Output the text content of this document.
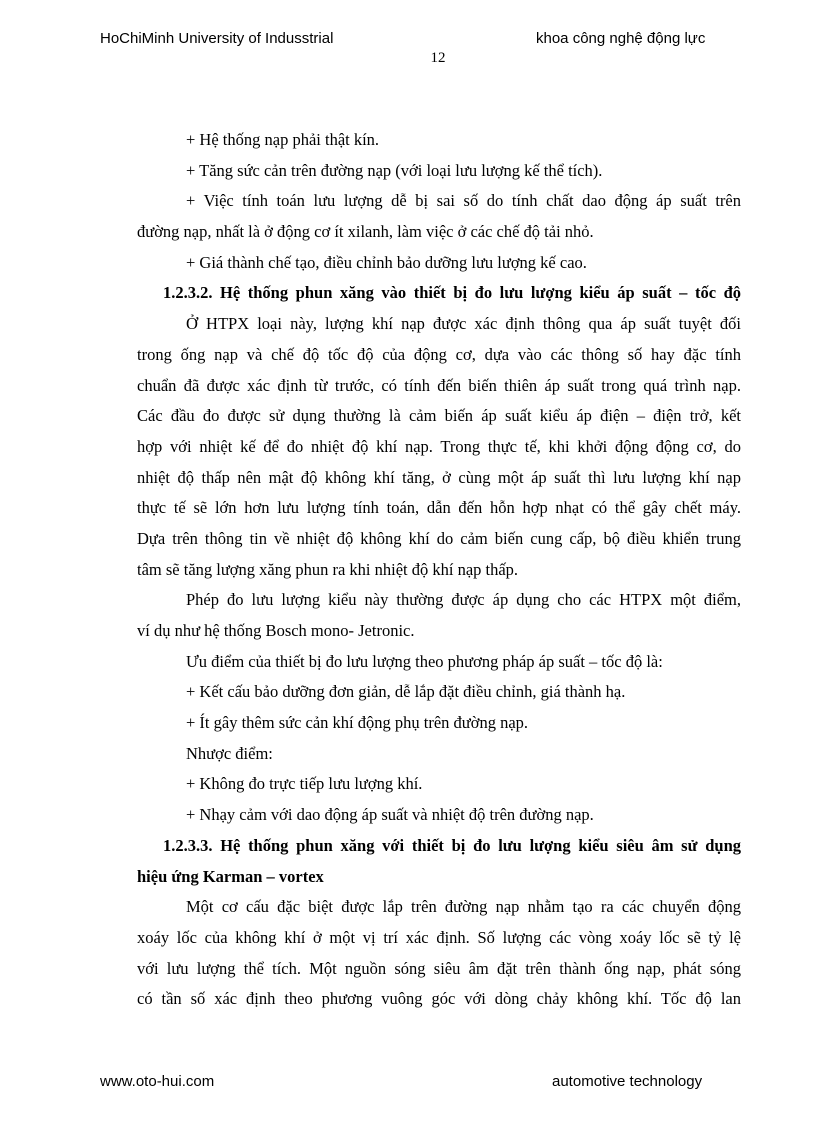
HoChiMinh University of Indusstrial	khoa công nghệ động lực
12

+ Hệ thống nạp phải thật kín.

+ Tăng sức cản trên đường nạp (với loại lưu lượng kế thể tích).

+ Việc tính toán lưu lượng dễ bị sai số do tính chất dao động áp suất trên

đường nạp, nhất là ở động cơ ít xilanh, làm việc ở các chế độ tải nhỏ.

+ Giá thành chế tạo, điều chỉnh bảo dưỡng lưu lượng kế cao.

1.2.3.2. Hệ thống phun xăng vào thiết bị đo lưu lượng kiểu áp suất – tốc độ

Ở HTPX loại này, lượng khí nạp được xác định thông qua áp suất tuyệt đối

trong ống nạp và chế độ tốc độ của động cơ, dựa vào các thông số hay đặc tính

chuẩn đã được xác định từ trước, có tính đến biến thiên áp suất trong quá trình nạp.

Các đầu đo được sử dụng thường là cảm biến áp suất kiểu áp điện – điện trở, kết

hợp với nhiệt kế để đo nhiệt độ khí nạp. Trong thực tế, khi khởi động động cơ, do

nhiệt độ thấp nên mật độ không khí tăng, ở cùng một áp suất thì lưu lượng khí nạp

thực tế sẽ lớn hơn lưu lượng tính toán, dẫn đến hỗn hợp nhạt có thể gây chết máy.

Dựa trên thông tin về nhiệt độ không khí do cảm biến cung cấp, bộ điều khiển trung

tâm sẽ tăng lượng xăng phun ra khi nhiệt độ khí nạp thấp.

Phép đo lưu lượng kiểu này thường được áp dụng cho các HTPX một điểm,

ví dụ như hệ thống Bosch mono- Jetronic.

Ưu điểm của thiết bị đo lưu lượng theo phương pháp áp suất – tốc độ là:

+ Kết cấu bảo dưỡng đơn giản, dễ lắp đặt điều chỉnh, giá thành hạ.

+ Ít gây thêm sức cản khí động phụ trên đường nạp.

Nhược điểm:

+ Không đo trực tiếp lưu lượng khí.

+ Nhạy cảm với dao động áp suất và nhiệt độ trên đường nạp.

1.2.3.3. Hệ thống phun xăng với thiết bị đo lưu lượng kiểu siêu âm sử dụng

hiệu ứng Karman – vortex

Một cơ cấu đặc biệt được lắp trên đường nạp nhằm tạo ra các chuyển động

xoáy lốc của không khí ở một vị trí xác định. Số lượng các vòng xoáy lốc sẽ tỷ lệ

với lưu lượng thể tích. Một nguồn sóng siêu âm đặt trên thành ống nạp, phát sóng

có tần số xác định theo phương vuông góc với dòng chảy không khí. Tốc độ lan

www.oto-hui.com	automotive technology
